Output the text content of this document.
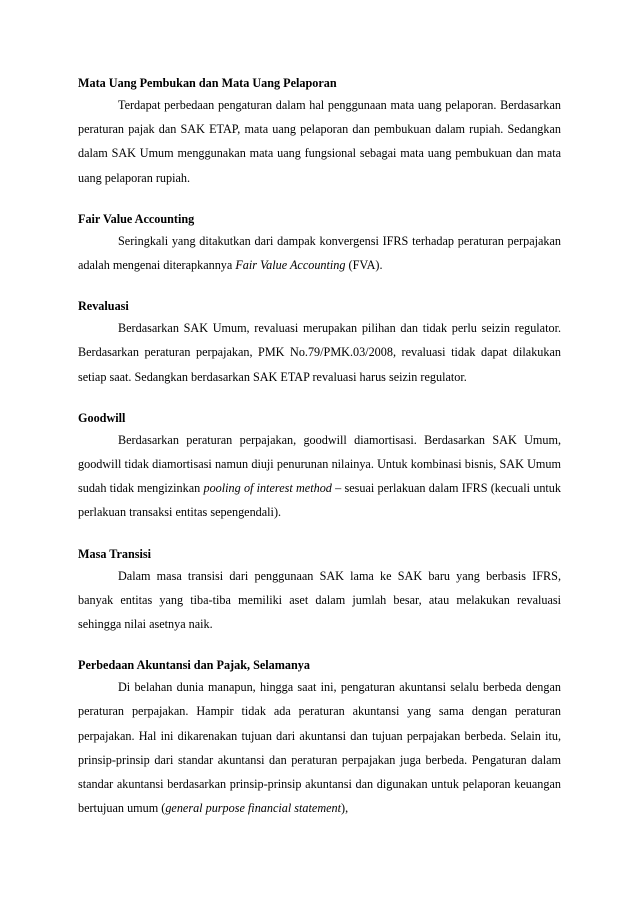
Mata Uang Pembukan dan Mata Uang Pelaporan

Terdapat perbedaan pengaturan dalam hal penggunaan mata uang pelaporan. Berdasarkan peraturan pajak dan SAK ETAP, mata uang pelaporan dan pembukuan dalam rupiah. Sedangkan dalam SAK Umum menggunakan mata uang fungsional sebagai mata uang pembukuan dan mata uang pelaporan rupiah.

Fair Value Accounting

Seringkali yang ditakutkan dari dampak konvergensi IFRS terhadap peraturan perpajakan adalah mengenai diterapkannya Fair Value Accounting (FVA).

Revaluasi

Berdasarkan SAK Umum, revaluasi merupakan pilihan dan tidak perlu seizin regulator. Berdasarkan peraturan perpajakan, PMK No.79/PMK.03/2008, revaluasi tidak dapat dilakukan setiap saat. Sedangkan berdasarkan SAK ETAP revaluasi harus seizin regulator.

Goodwill

Berdasarkan peraturan perpajakan, goodwill diamortisasi. Berdasarkan SAK Umum, goodwill tidak diamortisasi namun diuji penurunan nilainya. Untuk kombinasi bisnis, SAK Umum sudah tidak mengizinkan pooling of interest method – sesuai perlakuan dalam IFRS (kecuali untuk perlakuan transaksi entitas sepengendali).

Masa Transisi

Dalam masa transisi dari penggunaan SAK lama ke SAK baru yang berbasis IFRS, banyak entitas yang tiba-tiba memiliki aset dalam jumlah besar, atau melakukan revaluasi sehingga nilai asetnya naik.

Perbedaan Akuntansi dan Pajak, Selamanya

Di belahan dunia manapun, hingga saat ini, pengaturan akuntansi selalu berbeda dengan peraturan perpajakan. Hampir tidak ada peraturan akuntansi yang sama dengan peraturan perpajakan. Hal ini dikarenakan tujuan dari akuntansi dan tujuan perpajakan berbeda. Selain itu, prinsip-prinsip dari standar akuntansi dan peraturan perpajakan juga berbeda. Pengaturan dalam standar akuntansi berdasarkan prinsip-prinsip akuntansi dan digunakan untuk pelaporan keuangan bertujuan umum (general purpose financial statement),
